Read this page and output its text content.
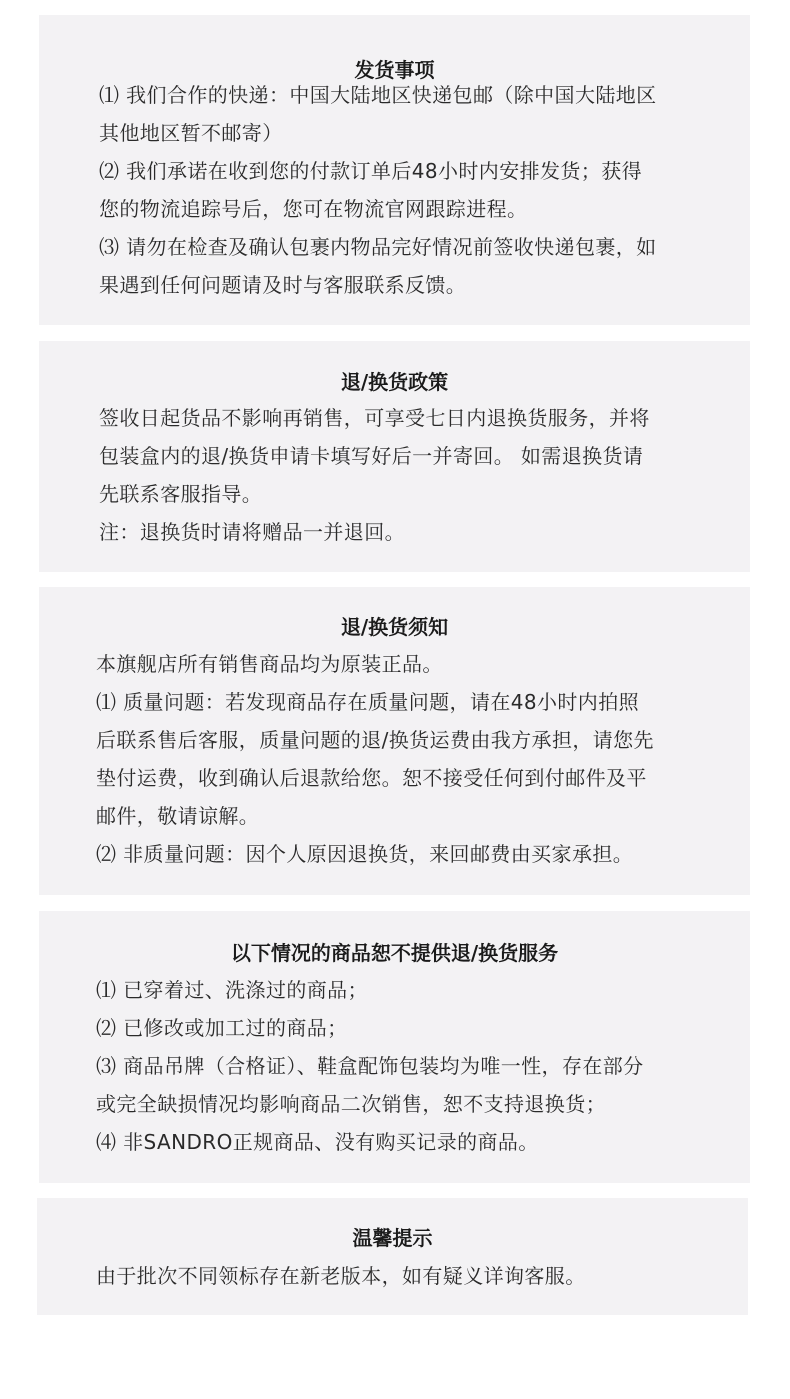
发货事项

⑴ 我们合作的快递：中国大陆地区快递包邮（除中国大陆地区

其他地区暂不邮寄）

⑵ 我们承诺在收到您的付款订单后48小时内安排发货；获得

您的物流追踪号后，您可在物流官网跟踪进程。

⑶ 请勿在检查及确认包裹内物品完好情况前签收快递包裹，如

果遇到任何问题请及时与客服联系反馈。

退/换货政策

签收日起货品不影响再销售，可享受七日内退换货服务，并将

包装盒内的退/换货申请卡填写好后一并寄回。 如需退换货请

先联系客服指导。

注：退换货时请将赠品一并退回。

退/换货须知

本旗舰店所有销售商品均为原装正品。

⑴ 质量问题：若发现商品存在质量问题，请在48小时内拍照

后联系售后客服，质量问题的退/换货运费由我方承担，请您先

垫付运费，收到确认后退款给您。恕不接受任何到付邮件及平

邮件，敬请谅解。

⑵ 非质量问题：因个人原因退换货，来回邮费由买家承担。

以下情况的商品恕不提供退/换货服务

⑴ 已穿着过、洗涤过的商品；

⑵ 已修改或加工过的商品；

⑶ 商品吊牌（合格证）、鞋盒配饰包装均为唯一性，存在部分

或完全缺损情况均影响商品二次销售，恕不支持退换货；

⑷ 非SANDRO正规商品、没有购买记录的商品。

温馨提示

由于批次不同领标存在新老版本，如有疑义详询客服。
